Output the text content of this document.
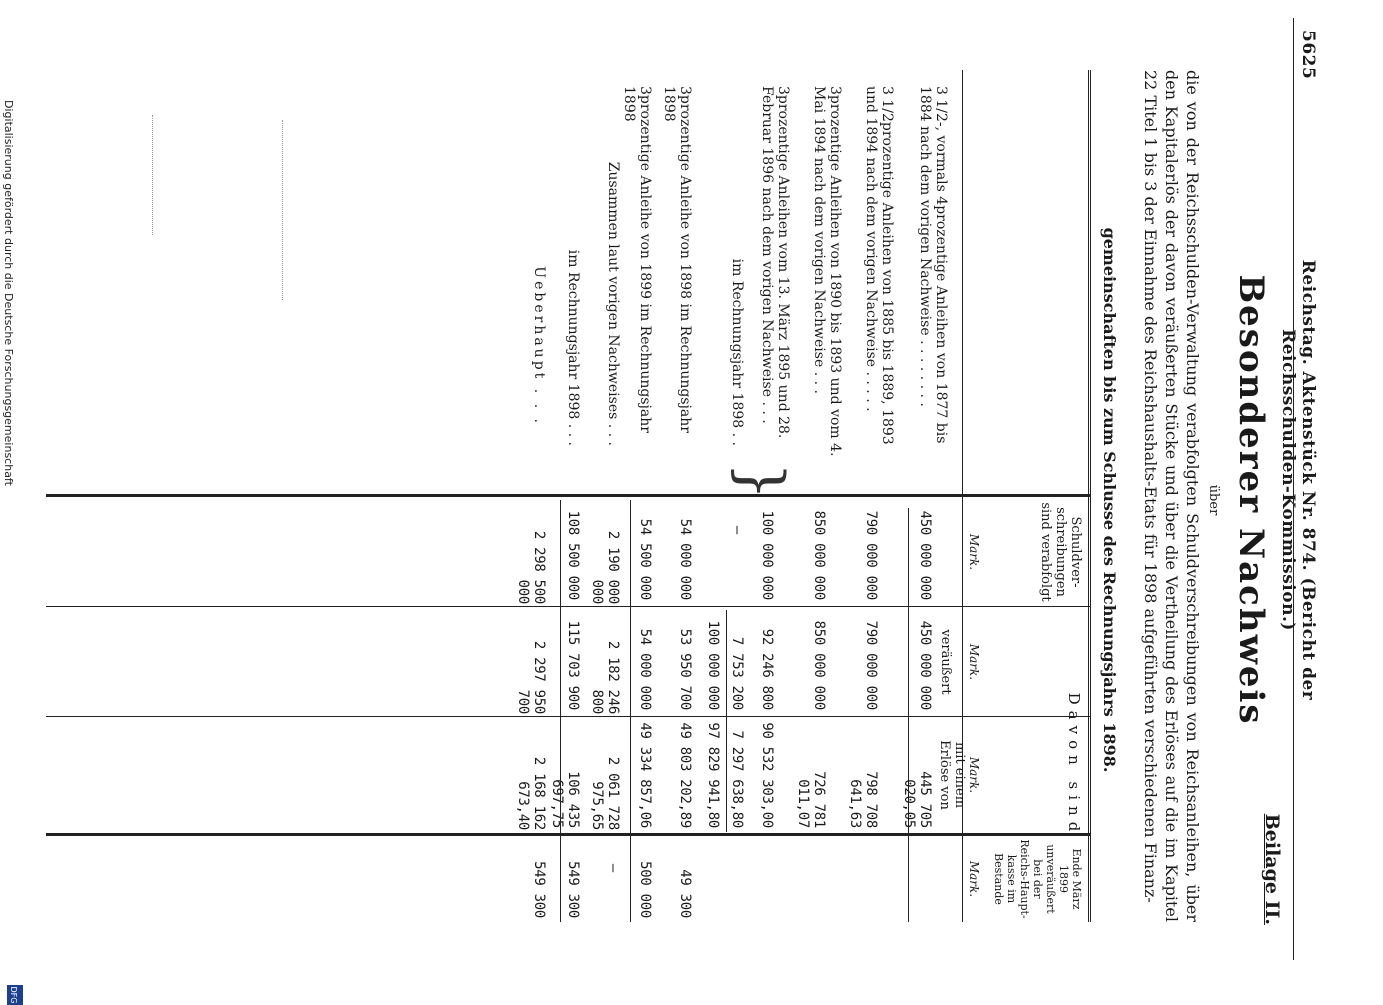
5625
Reichstag. Aktenstück Nr. 874. (Bericht der Reichsschulden-Kommission.)
Beilage II.
Besonderer Nachweis
über
die von der Reichsschulden-Verwaltung verabfolgten Schuldverschreibungen von Reichsanleihen, über den Kapitalerlös der davon veräußerten Stücke und über die Vertheilung des Erlöses auf die im Kapitel 22 Titel 1 bis 3 der Einnahme des Reichshaushalts-Etats für 1898 aufgeführten verschiedenen Finanz-
gemeinschaften bis zum Schlusse des Rechnungsjahrs 1898.
Schuldver-schreibungen sind verabfolgt
Davon sind
veräußert
mit einem Erlöse von
Ende März 1899 unveräußert bei der Reichs-Haupt-kasse im Bestande
Mark.
Mark.
Mark.
Mark.
3 1/2-, vormals 4prozentige Anleihen von 1877 bis 1884 nach dem vorigen Nachweise . . . . . . . .
450 000 000
450 000 000
445 705 020,05
3 1/2prozentige Anleihen von 1885 bis 1889, 1893 und 1894 nach dem vorigen Nachweise . . . . .
790 000 000
790 000 000
798 708 641,63
3prozentige Anleihen von 1890 bis 1893 und vom 4. Mai 1894 nach dem vorigen Nachweise . . .
850 000 000
850 000 000
726 781 011,07
3prozentige Anleihen vom 13. März 1895 und 28. Februar 1896 nach dem vorigen Nachweise . . .
100 000 000
92 246 800
90 532 303,00
im Rechnungsjahr 1898 . .
—
7 753 200
7 297 638,80
}
100 000 000
97 829 941,80
3prozentige Anleihe von 1898 im Rechnungsjahr 1898
54 000 000
53 950 700
49 803 202,89
49 300
3prozentige Anleihe von 1899 im Rechnungsjahr 1898
54 500 000
54 000 000
49 334 857,06
500 000
Zusammen laut vorigen Nachweises . . .
2 190 000 000
2 182 246 800
2 061 728 975,65
—
im Rechnungsjahr 1898 . . .
108 500 000
115 703 900
106 435 697,75
549 300
Ueberhaupt . . .
2 298 500 000
2 297 950 700
2 168 162 673,40
549 300
Digitalisierung gefördert durch die Deutsche Forschungsgemeinschaft
DFG
